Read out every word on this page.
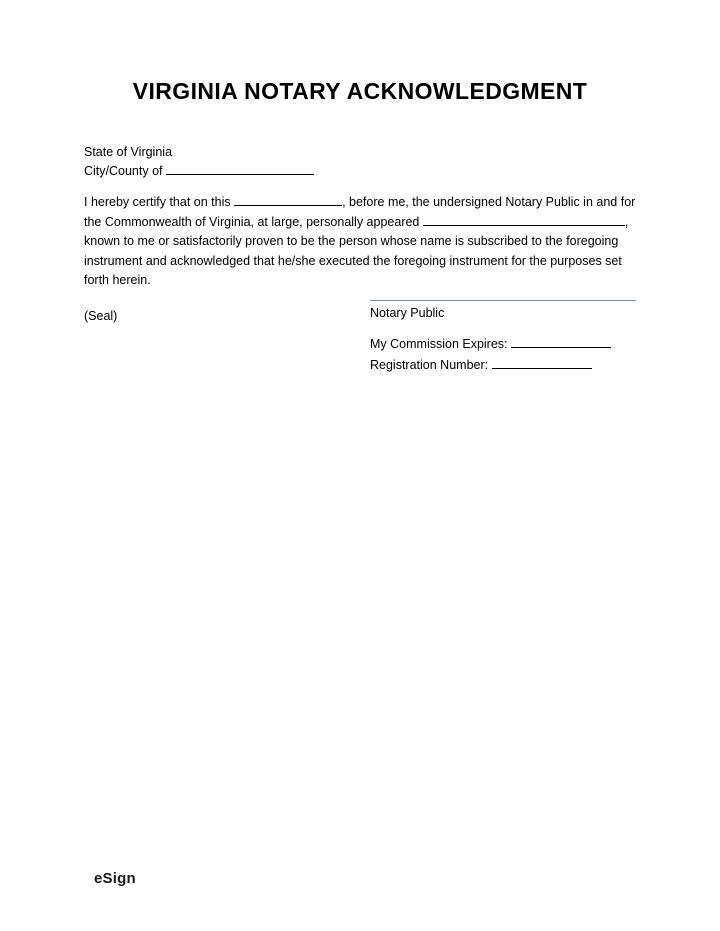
VIRGINIA NOTARY ACKNOWLEDGMENT
State of Virginia
City/County of

I hereby certify that on this	, before me, the undersigned Notary Public in and for the Commonwealth of Virginia, at large, personally appeared	, known to me or satisfactorily proven to be the person whose name is subscribed to the foregoing instrument and acknowledged that he/she executed the foregoing instrument for the purposes set forth herein.

(Seal)	Notary Public
My Commission Expires:
Registration Number:
eSign
